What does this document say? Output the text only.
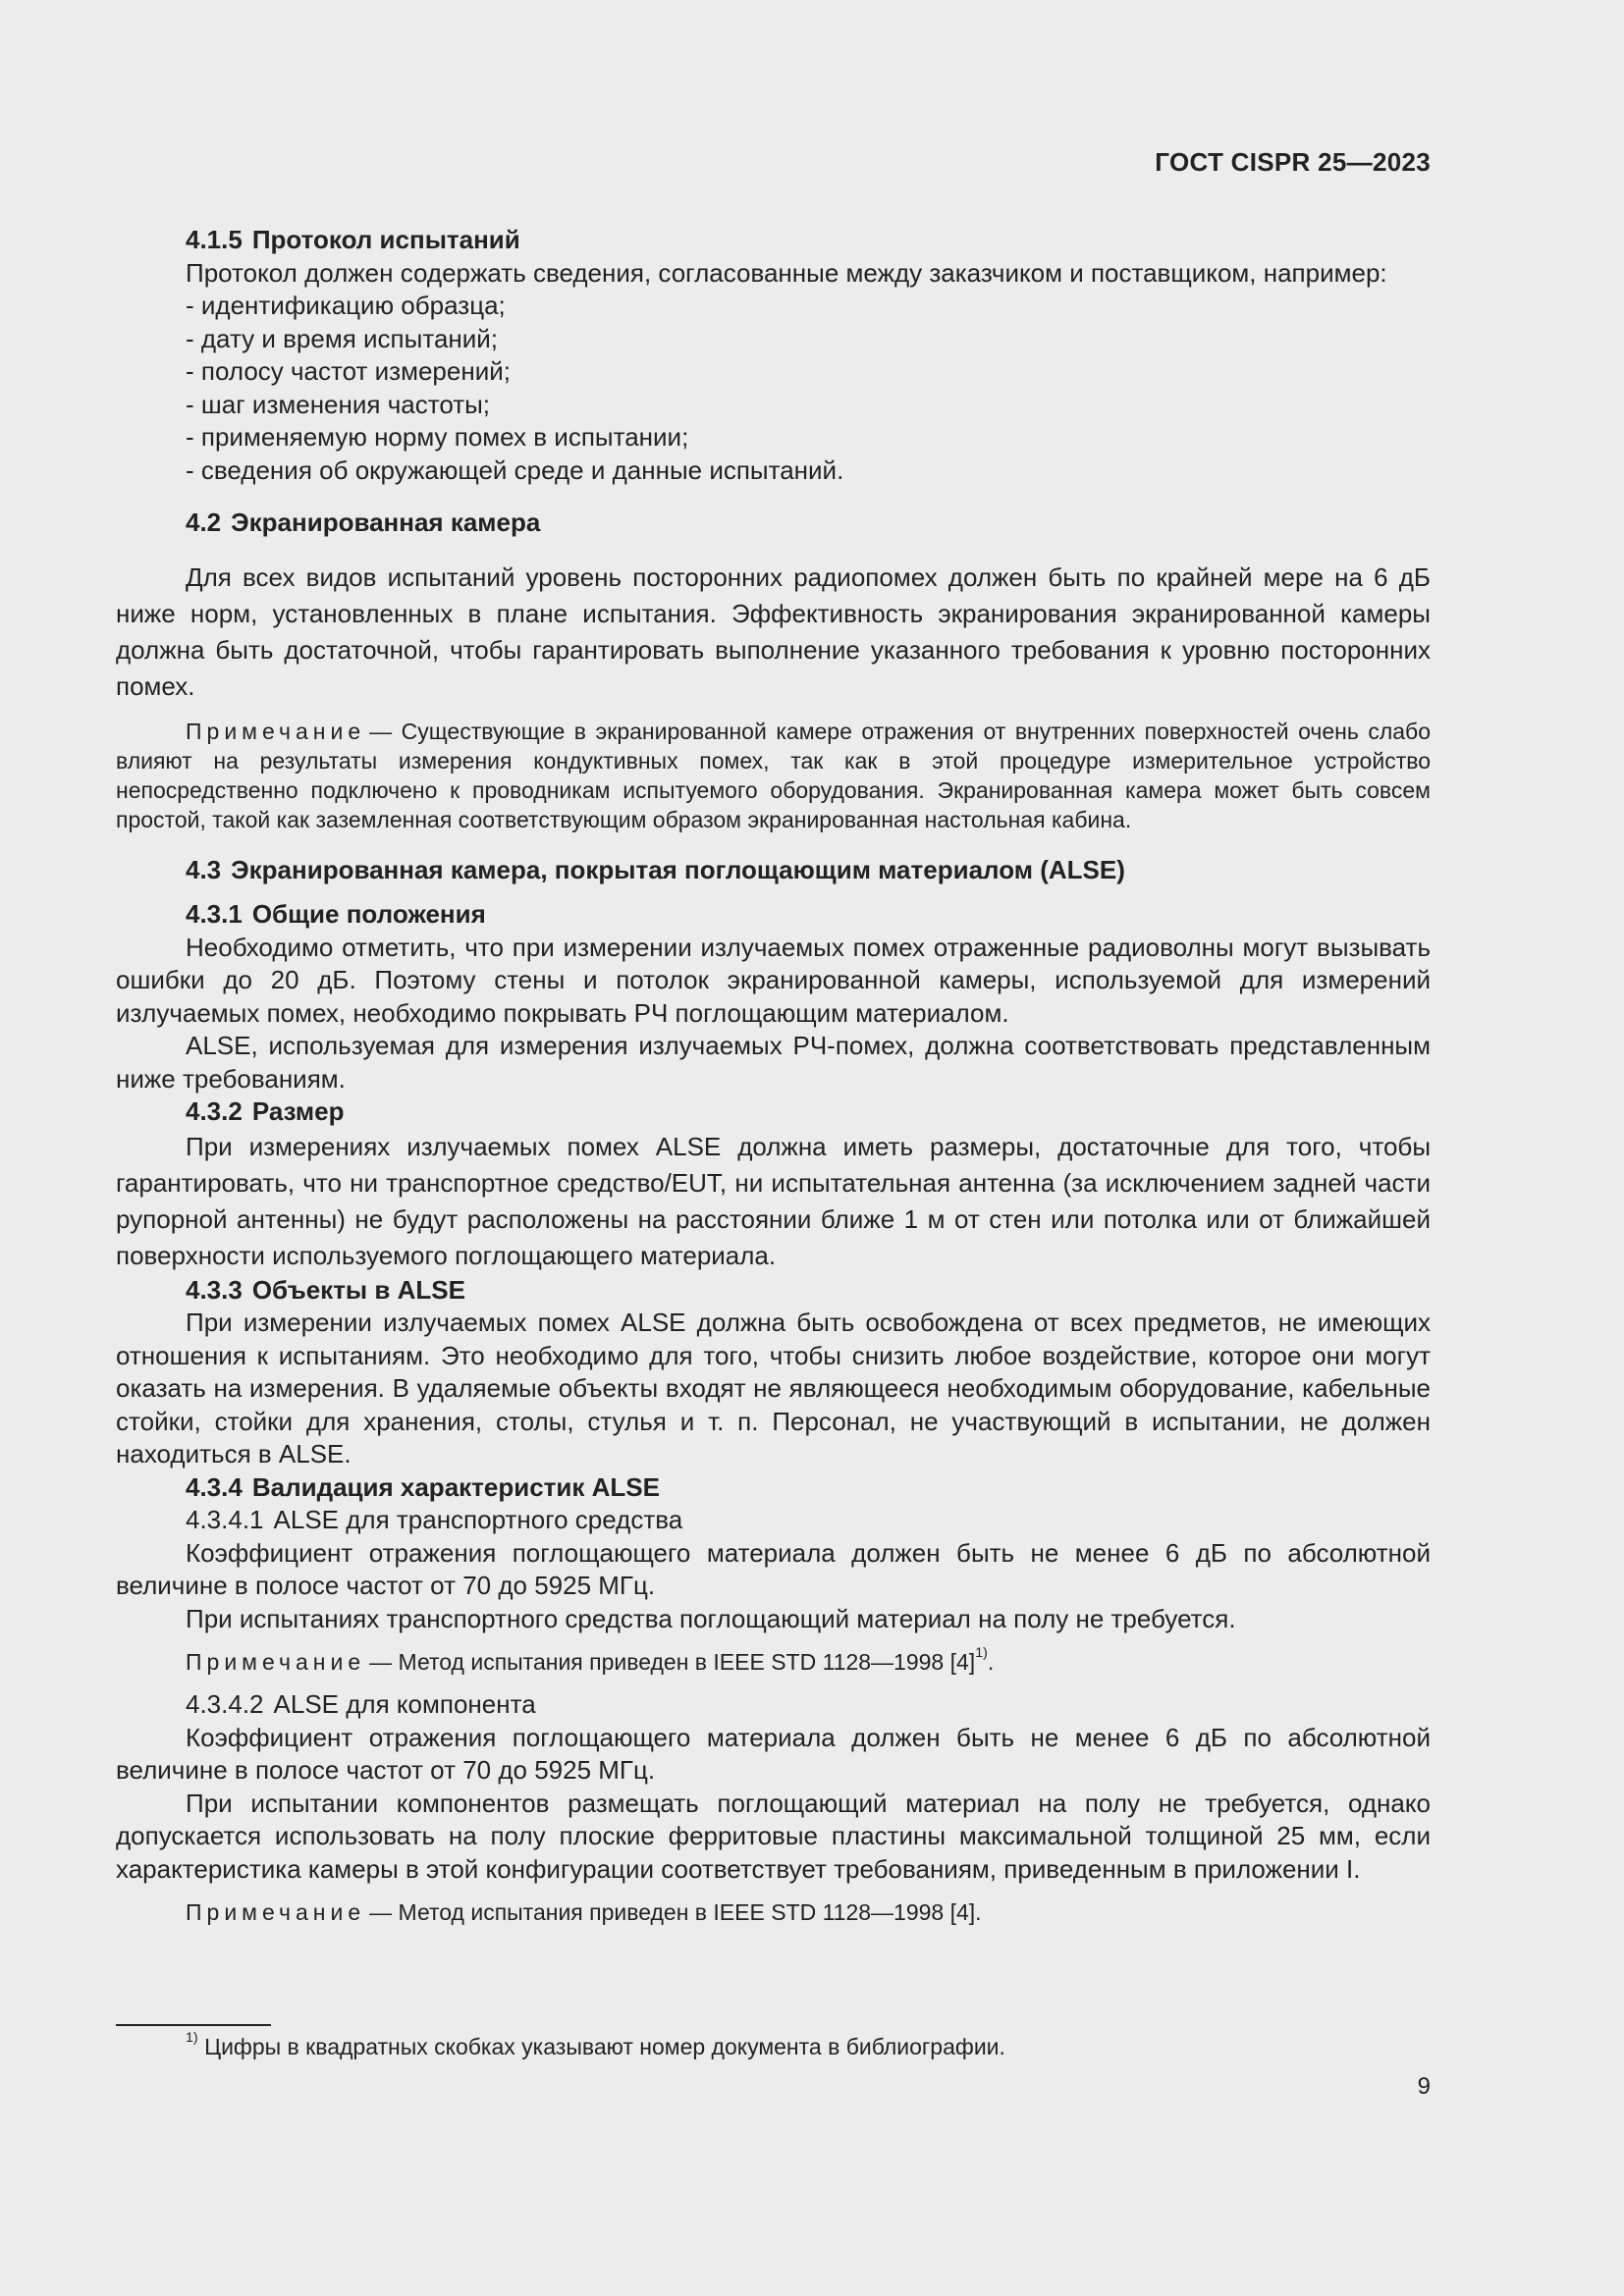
ГОСТ CISPR 25—2023
4.1.5 Протокол испытаний
Протокол должен содержать сведения, согласованные между заказчиком и поставщиком, например:
- идентификацию образца;
- дату и время испытаний;
- полосу частот измерений;
- шаг изменения частоты;
- применяемую норму помех в испытании;
- сведения об окружающей среде и данные испытаний.
4.2 Экранированная камера
Для всех видов испытаний уровень посторонних радиопомех должен быть по крайней мере на 6 дБ ниже норм, установленных в плане испытания. Эффективность экранирования экранированной камеры должна быть достаточной, чтобы гарантировать выполнение указанного требования к уровню посторонних помех.
Примечание — Существующие в экранированной камере отражения от внутренних поверхностей очень слабо влияют на результаты измерения кондуктивных помех, так как в этой процедуре измерительное устройство непосредственно подключено к проводникам испытуемого оборудования. Экранированная камера может быть совсем простой, такой как заземленная соответствующим образом экранированная настольная кабина.
4.3 Экранированная камера, покрытая поглощающим материалом (ALSE)
4.3.1 Общие положения
Необходимо отметить, что при измерении излучаемых помех отраженные радиоволны могут вызывать ошибки до 20 дБ. Поэтому стены и потолок экранированной камеры, используемой для измерений излучаемых помех, необходимо покрывать РЧ поглощающим материалом.
ALSE, используемая для измерения излучаемых РЧ-помех, должна соответствовать представленным ниже требованиям.
4.3.2 Размер
При измерениях излучаемых помех ALSE должна иметь размеры, достаточные для того, чтобы гарантировать, что ни транспортное средство/EUT, ни испытательная антенна (за исключением задней части рупорной антенны) не будут расположены на расстоянии ближе 1 м от стен или потолка или от ближайшей поверхности используемого поглощающего материала.
4.3.3 Объекты в ALSE
При измерении излучаемых помех ALSE должна быть освобождена от всех предметов, не имеющих отношения к испытаниям. Это необходимо для того, чтобы снизить любое воздействие, которое они могут оказать на измерения. В удаляемые объекты входят не являющееся необходимым оборудование, кабельные стойки, стойки для хранения, столы, стулья и т. п. Персонал, не участвующий в испытании, не должен находиться в ALSE.
4.3.4 Валидация характеристик ALSE
4.3.4.1 ALSE для транспортного средства
Коэффициент отражения поглощающего материала должен быть не менее 6 дБ по абсолютной величине в полосе частот от 70 до 5925 МГц.
При испытаниях транспортного средства поглощающий материал на полу не требуется.
Примечание — Метод испытания приведен в IEEE STD 1128—1998 $[4]^{1)}$.
4.3.4.2 ALSE для компонента
Коэффициент отражения поглощающего материала должен быть не менее 6 дБ по абсолютной величине в полосе частот от 70 до 5925 МГц.
При испытании компонентов размещать поглощающий материал на полу не требуется, однако допускается использовать на полу плоские ферритовые пластины максимальной толщиной 25 мм, если характеристика камеры в этой конфигурации соответствует требованиям, приведенным в приложении I.
Примечание — Метод испытания приведен в IEEE STD 1128—1998 [4].
$^{1)}$ Цифры в квадратных скобках указывают номер документа в библиографии.
9
